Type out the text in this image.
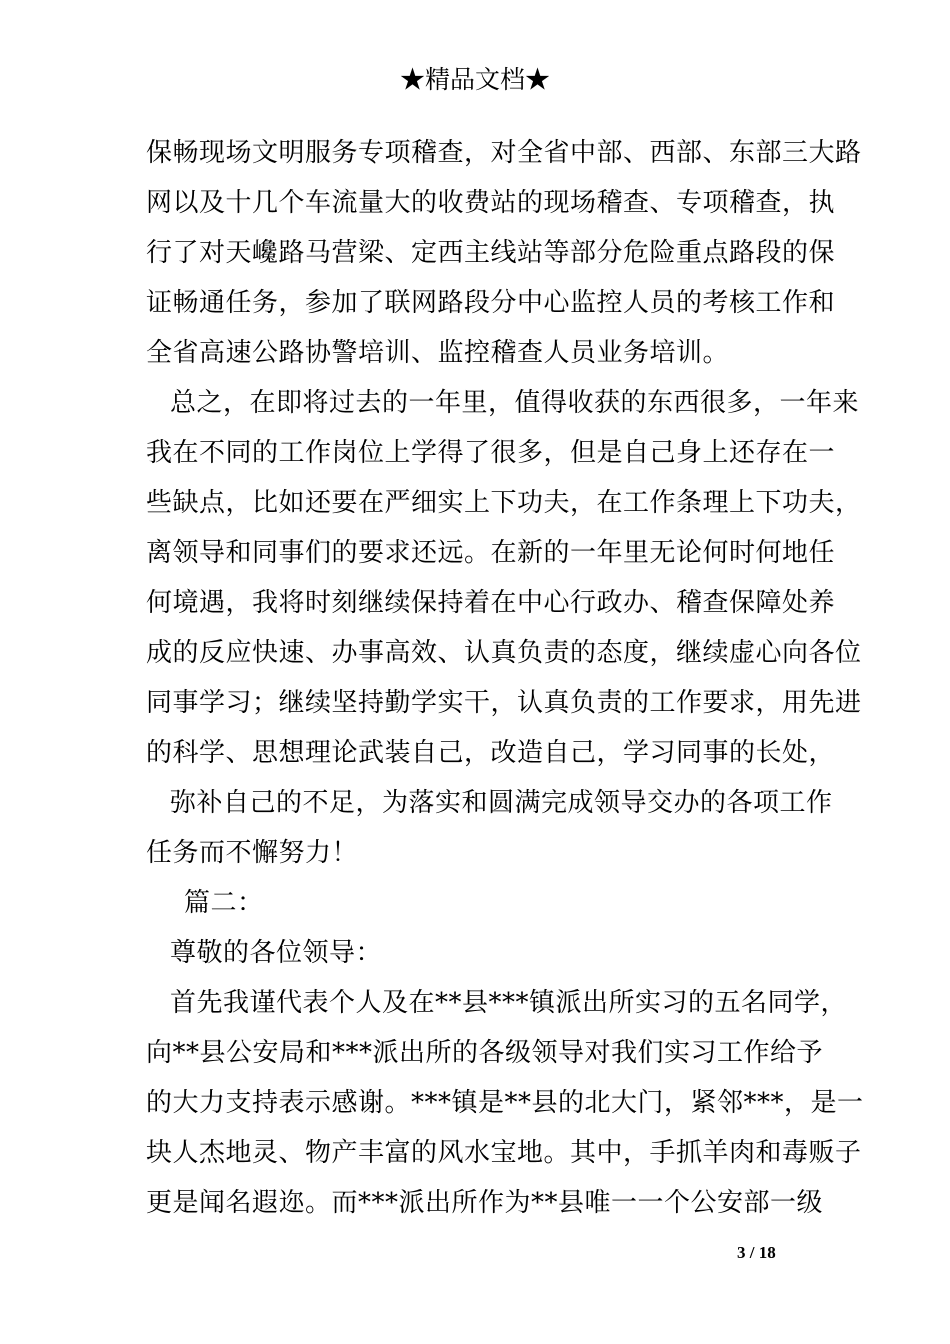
★精品文档★
保畅现场文明服务专项稽查，对全省中部、西部、东部三大路
网以及十几个车流量大的收费站的现场稽查、专项稽查，执
行了对天巉路马营梁、定西主线站等部分危险重点路段的保
证畅通任务，参加了联网路段分中心监控人员的考核工作和
全省高速公路协警培训、监控稽查人员业务培训。
总之，在即将过去的一年里，值得收获的东西很多，一年来
我在不同的工作岗位上学得了很多，但是自己身上还存在一
些缺点，比如还要在严细实上下功夫，在工作条理上下功夫，
离领导和同事们的要求还远。在新的一年里无论何时何地任
何境遇，我将时刻继续保持着在中心行政办、稽查保障处养
成的反应快速、办事高效、认真负责的态度，继续虚心向各位
同事学习；继续坚持勤学实干，认真负责的工作要求，用先进
的科学、思想理论武装自己，改造自己，学习同事的长处，
弥补自己的不足，为落实和圆满完成领导交办的各项工作
任务而不懈努力！
篇二：
尊敬的各位领导：
首先我谨代表个人及在**县***镇派出所实习的五名同学，
向**县公安局和***派出所的各级领导对我们实习工作给予
的大力支持表示感谢。***镇是**县的北大门，紧邻***，是一
块人杰地灵、物产丰富的风水宝地。其中，手抓羊肉和毒贩子
更是闻名遐迩。而***派出所作为**县唯一一个公安部一级
3 / 18
